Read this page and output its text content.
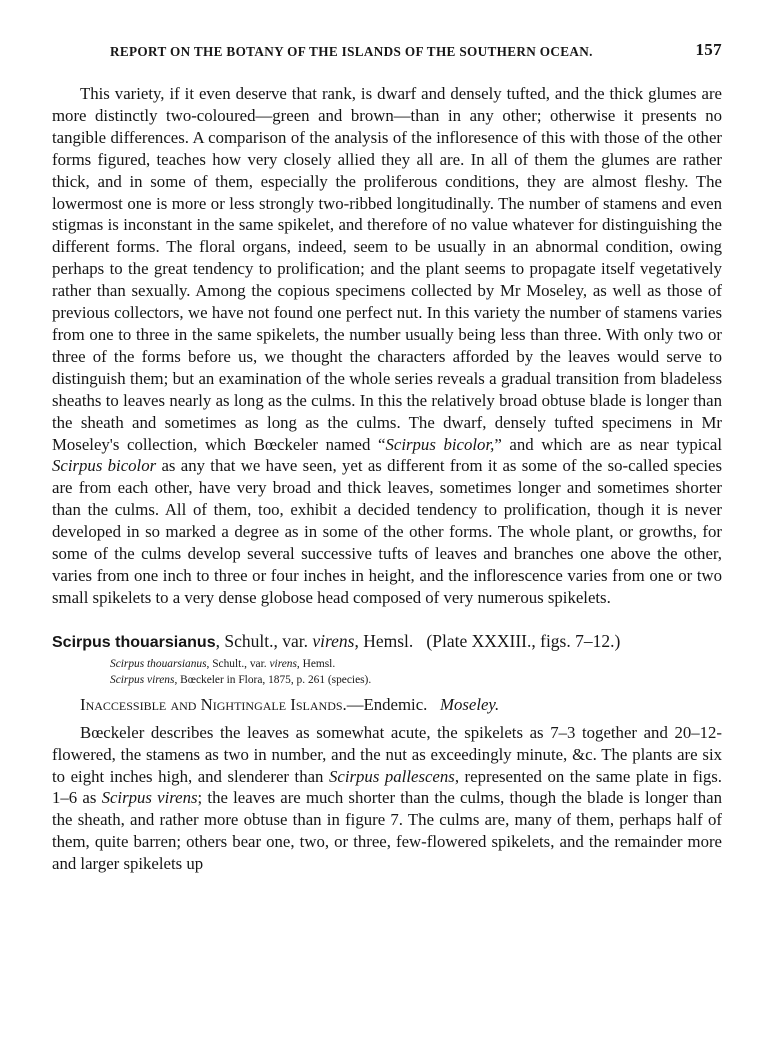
REPORT ON THE BOTANY OF THE ISLANDS OF THE SOUTHERN OCEAN.	157

This variety, if it even deserve that rank, is dwarf and densely tufted, and the thick glumes are more distinctly two-coloured—green and brown—than in any other; otherwise it presents no tangible differences. A comparison of the analysis of the infloresence of this with those of the other forms figured, teaches how very closely allied they all are. In all of them the glumes are rather thick, and in some of them, especially the proliferous conditions, they are almost fleshy. The lowermost one is more or less strongly two-ribbed longitudinally. The number of stamens and even stigmas is inconstant in the same spikelet, and therefore of no value whatever for distinguishing the different forms. The floral organs, indeed, seem to be usually in an abnormal condition, owing perhaps to the great tendency to prolification; and the plant seems to propagate itself vegetatively rather than sexually. Among the copious specimens collected by Mr Moseley, as well as those of previous collectors, we have not found one perfect nut. In this variety the number of stamens varies from one to three in the same spikelets, the number usually being less than three. With only two or three of the forms before us, we thought the characters afforded by the leaves would serve to distinguish them; but an examination of the whole series reveals a gradual transition from bladeless sheaths to leaves nearly as long as the culms. In this the relatively broad obtuse blade is longer than the sheath and sometimes as long as the culms. The dwarf, densely tufted specimens in Mr Moseley's collection, which Bœckeler named “Scirpus bicolor,” and which are as near typical Scirpus bicolor as any that we have seen, yet as different from it as some of the so-called species are from each other, have very broad and thick leaves, sometimes longer and sometimes shorter than the culms. All of them, too, exhibit a decided tendency to prolification, though it is never developed in so marked a degree as in some of the other forms. The whole plant, or growths, for some of the culms develop several successive tufts of leaves and branches one above the other, varies from one inch to three or four inches in height, and the inflorescence varies from one or two small spikelets to a very dense globose head composed of very numerous spikelets.

Scirpus thouarsianus, Schult., var. virens, Hemsl. (Plate XXXIII., figs. 7–12.)

Scirpus thouarsianus, Schult., var. virens, Hemsl.
Scirpus virens, Bœckeler in Flora, 1875, p. 261 (species).

Inaccessible and Nightingale Islands.—Endemic. Moseley.

Bœckeler describes the leaves as somewhat acute, the spikelets as 7–3 together and 20–12-flowered, the stamens as two in number, and the nut as exceedingly minute, &c. The plants are six to eight inches high, and slenderer than Scirpus pallescens, represented on the same plate in figs. 1–6 as Scirpus virens; the leaves are much shorter than the culms, though the blade is longer than the sheath, and rather more obtuse than in figure 7. The culms are, many of them, perhaps half of them, quite barren; others bear one, two, or three, few-flowered spikelets, and the remainder more and larger spikelets up
